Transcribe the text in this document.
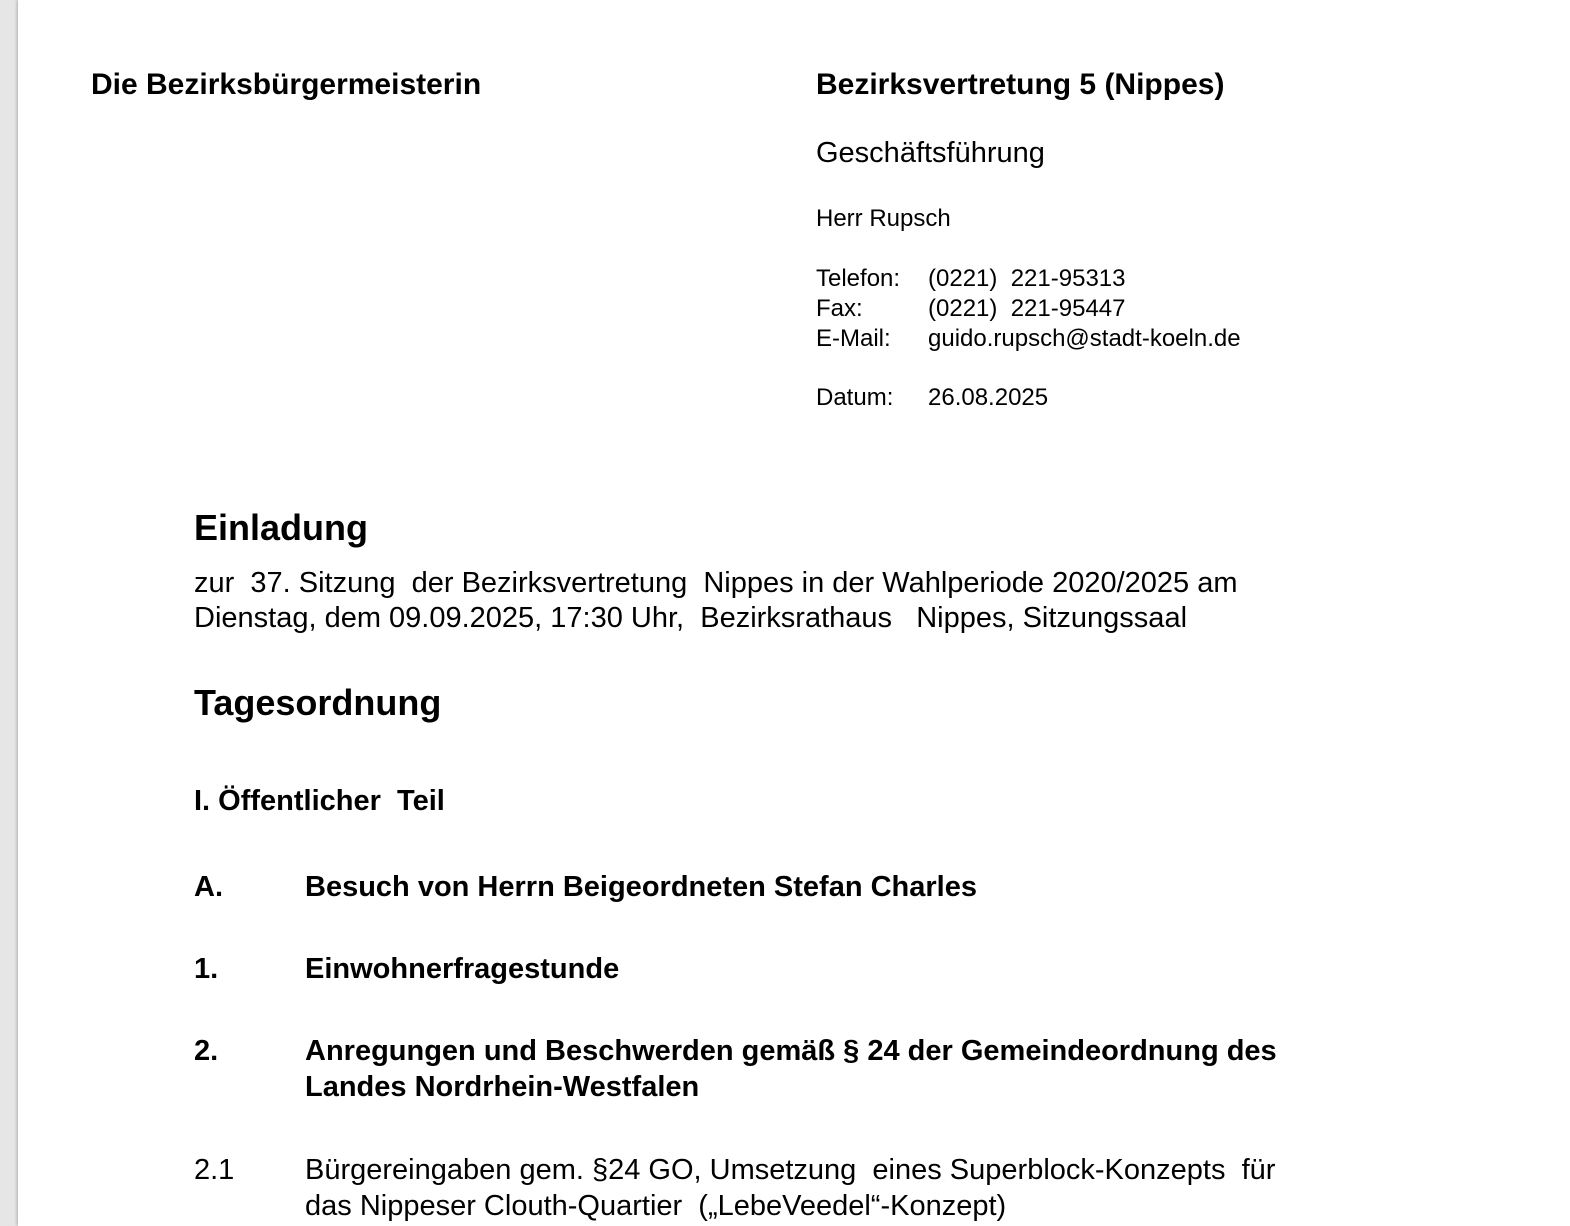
Die Bezirksbürgermeisterin	Bezirksvertretung 5 (Nippes)
Geschäftsführung
Herr Rupsch
Telefon:	(0221)  221-95313
Fax:	(0221)  221-95447
E-Mail:	guido.rupsch@stadt-koeln.de
Datum:	26.08.2025
Einladung
zur  37. Sitzung  der Bezirksvertretung  Nippes in der Wahlperiode 2020/2025 am
Dienstag, dem 09.09.2025, 17:30 Uhr,  Bezirksrathaus   Nippes, Sitzungssaal
Tagesordnung
I. Öffentlicher  Teil
A.	Besuch von Herrn Beigeordneten Stefan Charles
1.	Einwohnerfragestunde
2.	Anregungen und Beschwerden gemäß § 24 der Gemeindeordnung des
Landes Nordrhein-Westfalen
2.1	Bürgereingaben gem. §24 GO, Umsetzung  eines Superblock-Konzepts  für
das Nippeser Clouth-Quartier  („LebeVeedel“-Konzept)
